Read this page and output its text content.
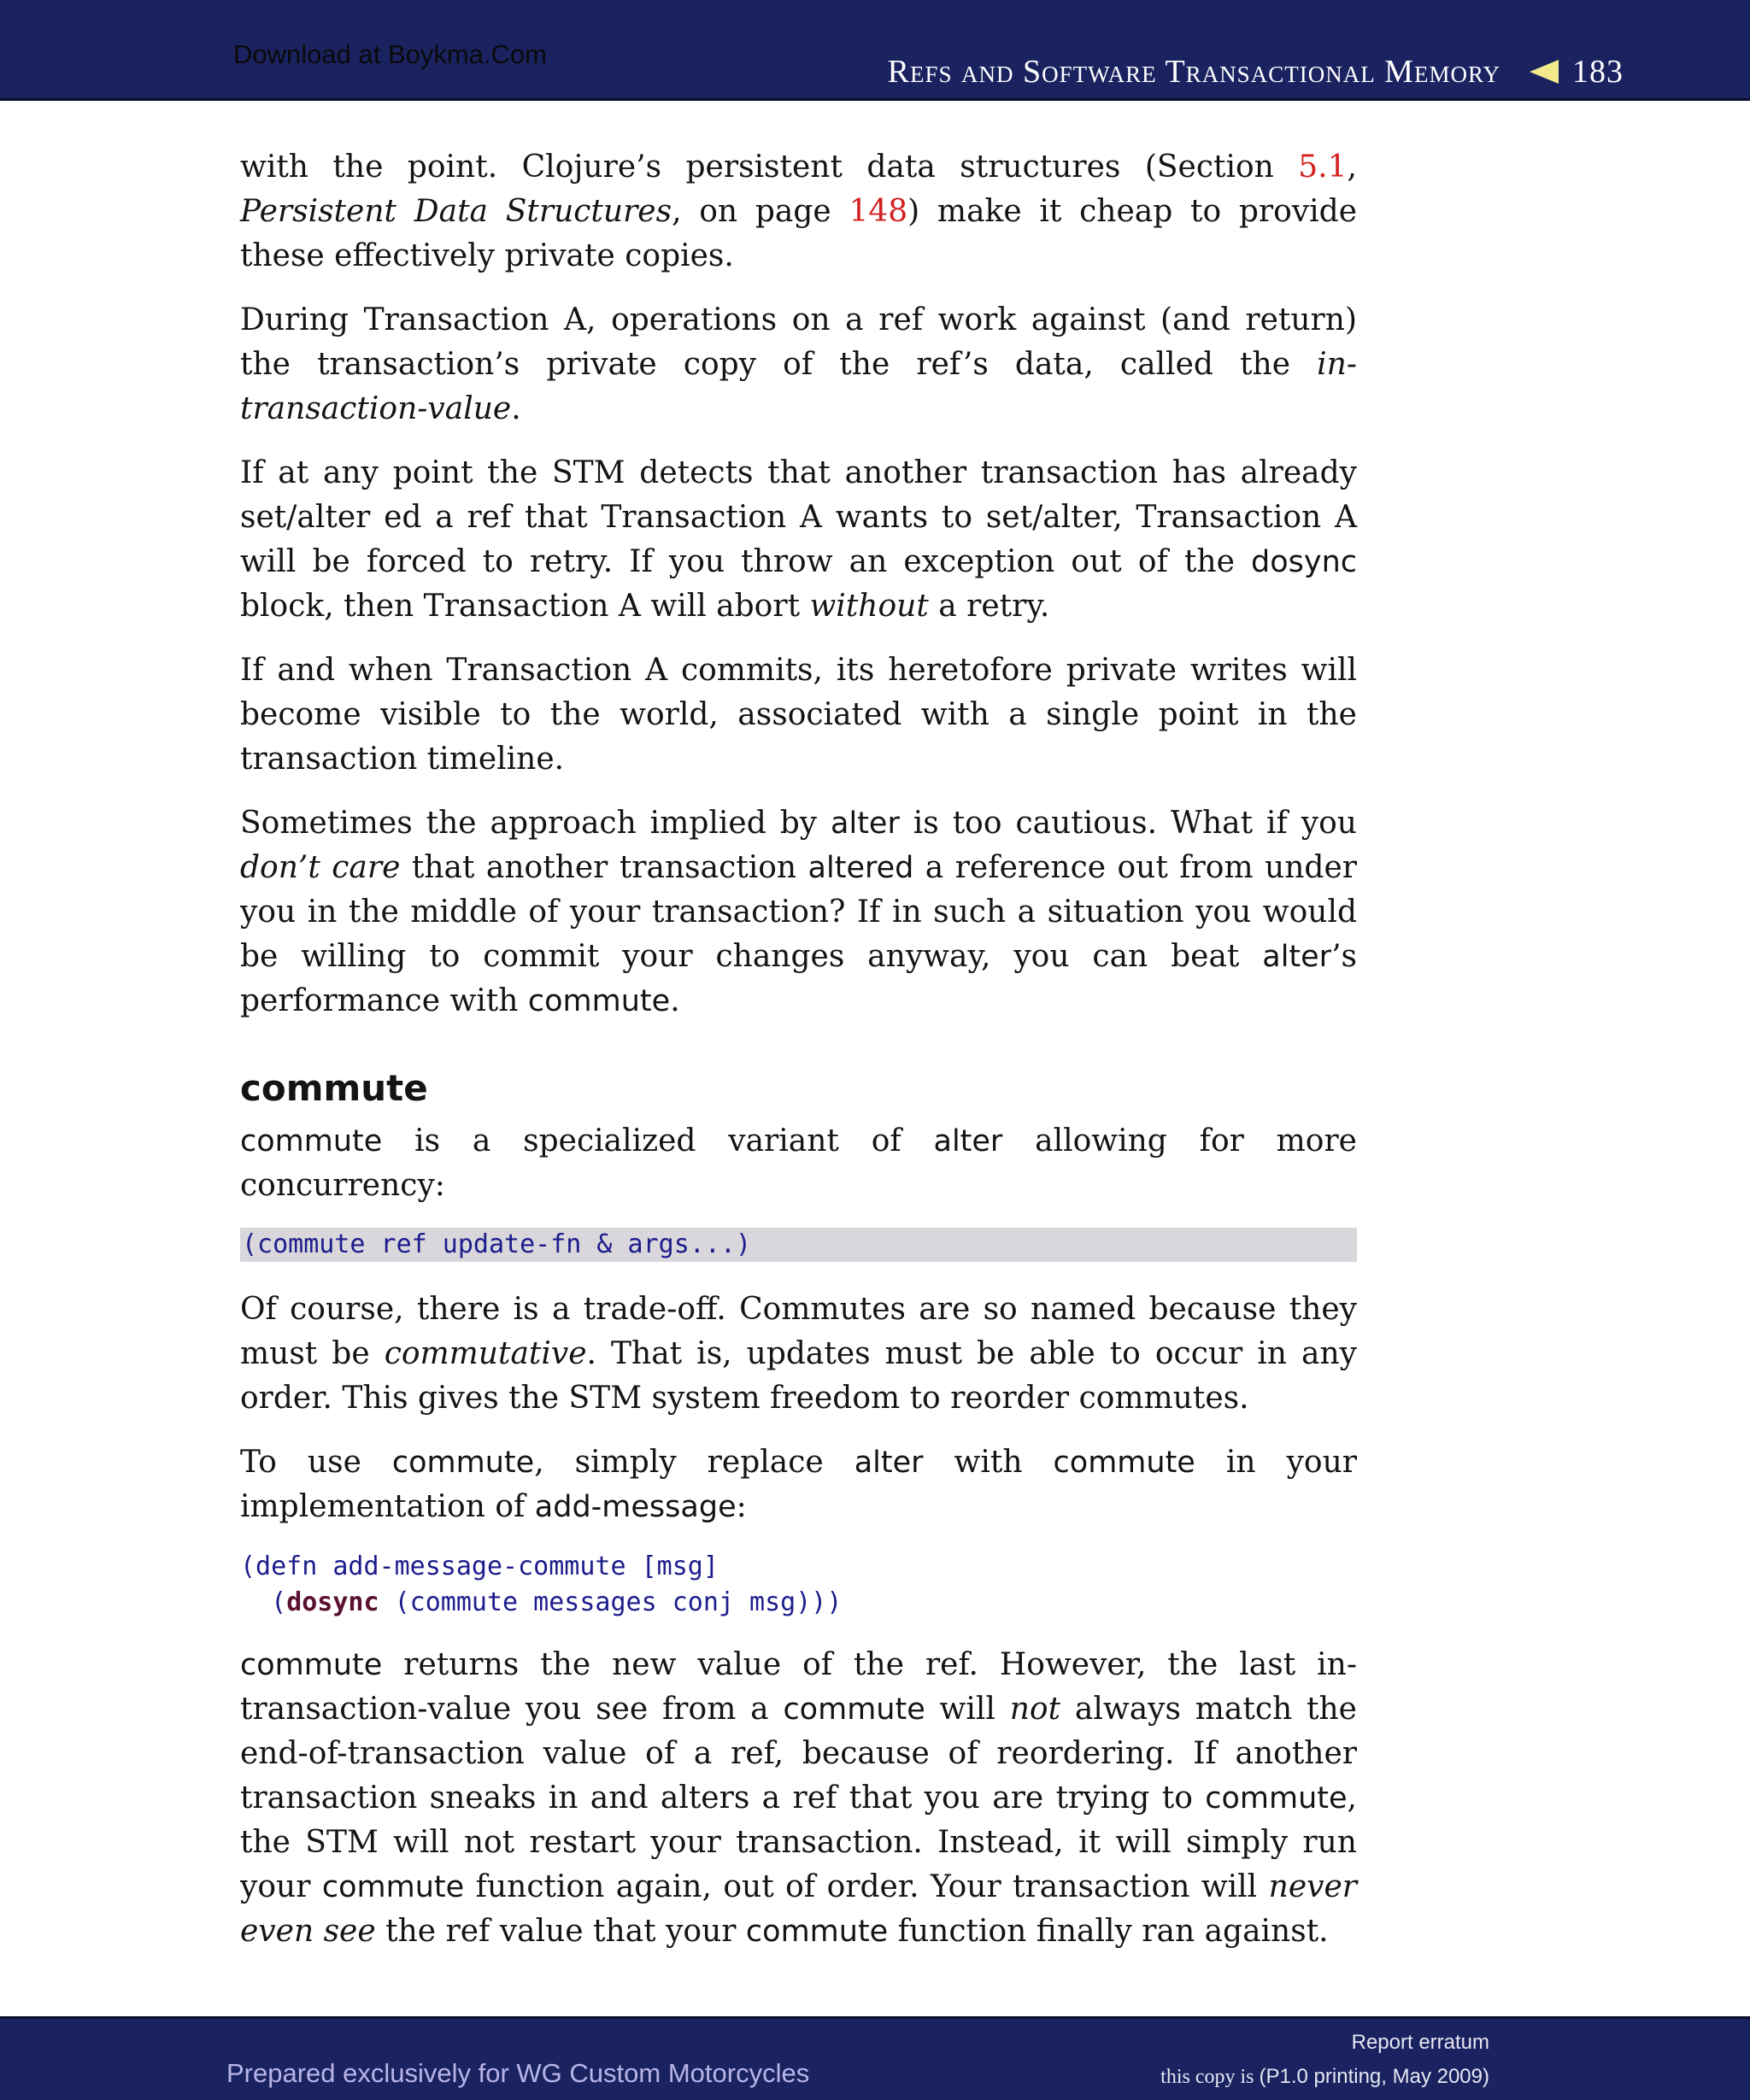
Download at Boykma.Com	Refs and Software Transactional Memory 183

with the point. Clojure’s persistent data structures (Section 5.1, Persistent Data Structures, on page 148) make it cheap to provide these effectively private copies.

During Transaction A, operations on a ref work against (and return) the transaction’s private copy of the ref’s data, called the in-transaction-value.

If at any point the STM detects that another transaction has already set/alter ed a ref that Transaction A wants to set/alter, Transaction A will be forced to retry. If you throw an exception out of the dosync block, then Transaction A will abort without a retry.

If and when Transaction A commits, its heretofore private writes will become visible to the world, associated with a single point in the transaction timeline.

Sometimes the approach implied by alter is too cautious. What if you don’t care that another transaction altered a reference out from under you in the middle of your transaction? If in such a situation you would be willing to commit your changes anyway, you can beat alter’s performance with commute.

commute

commute is a specialized variant of alter allowing for more concurrency:

(commute ref update-fn & args...)

Of course, there is a trade-off. Commutes are so named because they must be commutative. That is, updates must be able to occur in any order. This gives the STM system freedom to reorder commutes.

To use commute, simply replace alter with commute in your implementation of add-message:

(defn add-message-commute [msg]
(dosync (commute messages conj msg)))

commute returns the new value of the ref. However, the last in-transaction-value you see from a commute will not always match the end-of-transaction value of a ref, because of reordering. If another transaction sneaks in and alters a ref that you are trying to commute, the STM will not restart your transaction. Instead, it will simply run your commute function again, out of order. Your transaction will never even see the ref value that your commute function finally ran against.

Prepared exclusively for WG Custom Motorcycles
Report erratum
this copy is (P1.0 printing, May 2009)
